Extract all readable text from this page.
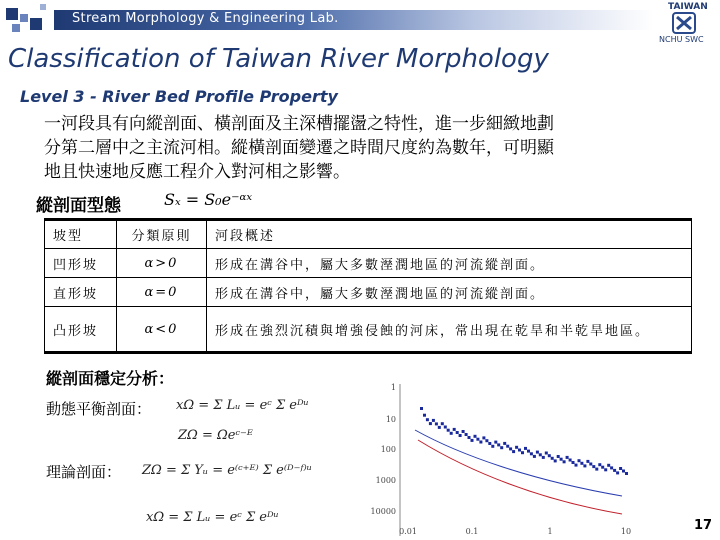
Stream Morphology & Engineering Lab.
TAIWAN
NCHU SWC
Classification of Taiwan River Morphology
Level 3 - River Bed Profile Property
一河段具有向縱剖面、橫剖面及主深槽擺盪之特性，進一步細緻地劃
分第二層中之主流河相。縱橫剖面變遷之時間尺度約為數年，可明顯
地且快速地反應工程介入對河相之影響。
縱剖面型態	Sₓ = S₀e⁻ᵅˣ
坡型	分類原則	河段概述
凹形坡	α>0	形成在溝谷中，屬大多數溼潤地區的河流縱剖面。
直形坡	α=0	形成在溝谷中，屬大多數溼潤地區的河流縱剖面。
凸形坡	α<0	形成在強烈沉積與增強侵蝕的河床，常出現在乾旱和半乾旱地區。
縱剖面穩定分析：
動態平衡剖面： xΩ = Σ Lᵤ = eᶜ Σ eᴰᵘ
ZΩ = Ωeᶜ⁻ᴱ
理論剖面： ZΩ = Σ Yᵤ = e⁽ᶜ⁺ᴱ⁾ Σ e⁽ᴰ⁻ᶠ⁾ᵘ
xΩ = Σ Lᵤ = eᶜ Σ eᴰᵘ
1
10
100
1000
10000
0.01	0.1	1	10	17
